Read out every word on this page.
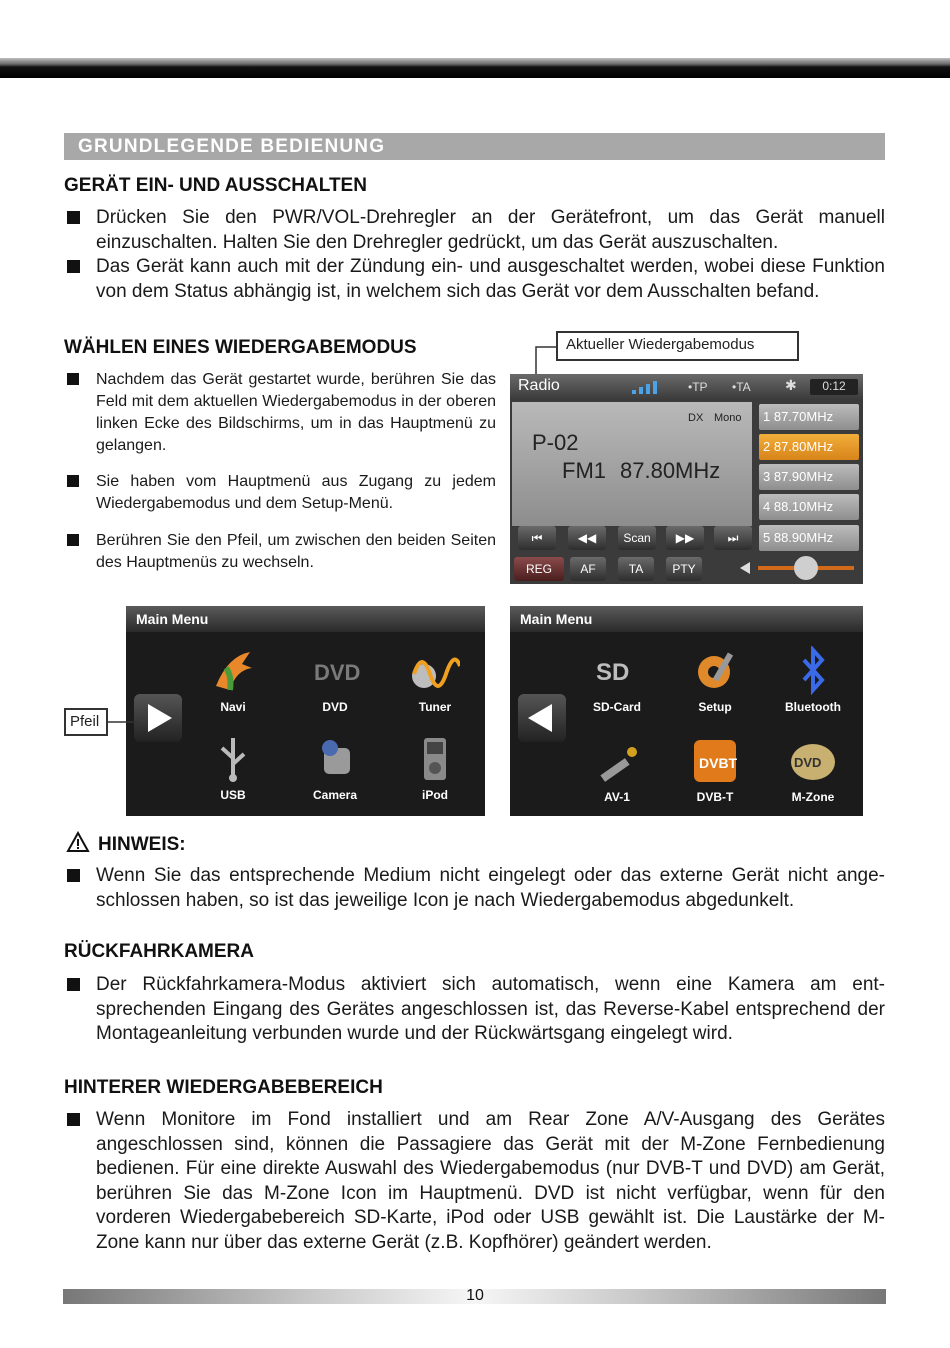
GRUNDLEGENDE BEDIENUNG
GERÄT EIN- UND AUSSCHALTEN
Drücken Sie den PWR/VOL-Drehregler an der Gerätefront, um das Gerät manuell einzuschalten. Halten Sie den Drehregler gedrückt, um das Gerät auszuschalten.
Das Gerät kann auch mit der Zündung ein- und ausgeschaltet werden, wobei diese Funktion von dem Status abhängig ist, in welchem sich das Gerät vor dem Ausschalten befand.
WÄHLEN EINES WIEDERGABEMODUS
Nachdem das Gerät gestartet wurde, berühren Sie das Feld mit dem aktuellen Wiedergabemodus in der oberen linken Ecke des Bildschirms, um in das Hauptmenü zu gelangen.
Sie haben vom Hauptmenü aus Zugang zu jedem Wiedergabemodus und dem Setup-Menü.
Berühren Sie den Pfeil, um zwischen den beiden Seiten des Hauptmenüs zu wechseln.
Aktueller Wiedergabemodus
Radio	•TP •TA ✱	0:12
DX Mono
P-02
FM1 87.80MHz
1 87.70MHz
2 87.80MHz
3 87.90MHz
4 88.10MHz
5 88.90MHz
⏮	◀◀	Scan	▶▶	⏭
REG	AF	TA	PTY
Main Menu
Navi
DVD
DVD	Tuner
USB	Camera	iPod
Pfeil
Main Menu
SD
SD-Card	Setup	Bluetooth
AV-1
DVBT
DVB-T
DVD
M-Zone
HINWEIS:
Wenn Sie das entsprechende Medium nicht eingelegt oder das externe Gerät nicht angeschlossen haben, so ist das jeweilige Icon je nach Wiedergabemodus abgedunkelt.
RÜCKFAHRKAMERA
Der Rückfahrkamera-Modus aktiviert sich automatisch, wenn eine Kamera am entsprechenden Eingang des Gerätes angeschlossen ist, das Reverse-Kabel entsprechend der Montageanleitung verbunden wurde und der Rückwärtsgang eingelegt wird.
HINTERER WIEDERGABEBEREICH
Wenn Monitore im Fond installiert und am Rear Zone A/V-Ausgang des Gerätes angeschlossen sind, können die Passagiere das Gerät mit der M-Zone Fernbedienung bedienen. Für eine direkte Auswahl des Wiedergabemodus (nur DVB-T und DVD) am Gerät, berühren Sie das M-Zone Icon im Hauptmenü. DVD ist nicht verfügbar, wenn für den vorderen Wiedergabebereich SD-Karte, iPod oder USB gewählt ist. Die Laustärke der M-Zone kann nur über das externe Gerät (z.B. Kopfhörer) geändert werden.
10
